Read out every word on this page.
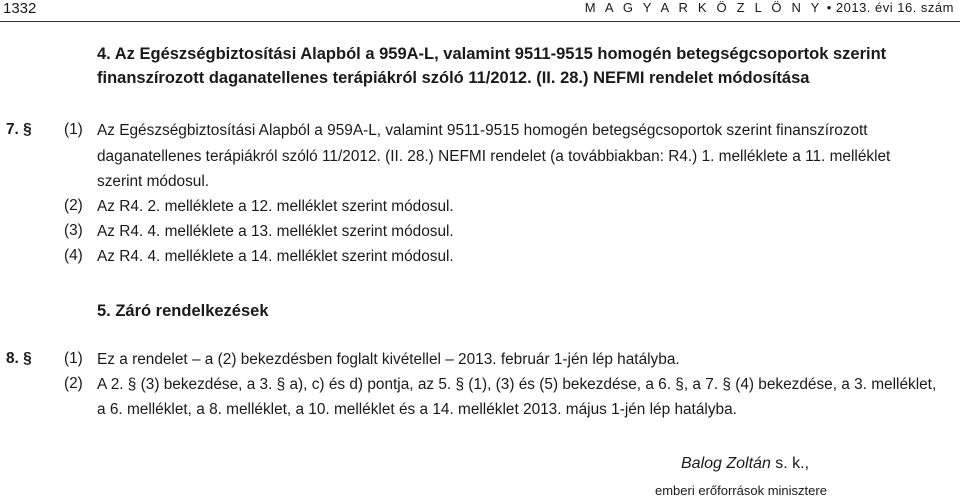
1332	M A G Y A R K Ö Z L Ö N Y • 2013. évi 16. szám
4. Az Egészségbiztosítási Alapból a 959A-L, valamint 9511-9515 homogén betegségcsoportok szerint
finanszírozott daganatellenes terápiákról szóló 11/2012. (II. 28.) NEFMI rendelet módosítása
7. § (1) Az Egészségbiztosítási Alapból a 959A-L, valamint 9511-9515 homogén betegségcsoportok szerint finanszírozott
daganatellenes terápiákról szóló 11/2012. (II. 28.) NEFMI rendelet (a továbbiakban: R4.) 1. melléklete a 11. melléklet
szerint módosul.
(2) Az R4. 2. melléklete a 12. melléklet szerint módosul.
(3) Az R4. 4. melléklete a 13. melléklet szerint módosul.
(4) Az R4. 4. melléklete a 14. melléklet szerint módosul.
5. Záró rendelkezések
8. § (1) Ez a rendelet – a (2) bekezdésben foglalt kivétellel – 2013. február 1-jén lép hatályba.
(2) A 2. § (3) bekezdése, a 3. § a), c) és d) pontja, az 5. § (1), (3) és (5) bekezdése, a 6. §, a 7. § (4) bekezdése, a 3. melléklet,
a 6. melléklet, a 8. melléklet, a 10. melléklet és a 14. melléklet 2013. május 1-jén lép hatályba.
Balog Zoltán s. k.,
emberi erőforrások minisztere
